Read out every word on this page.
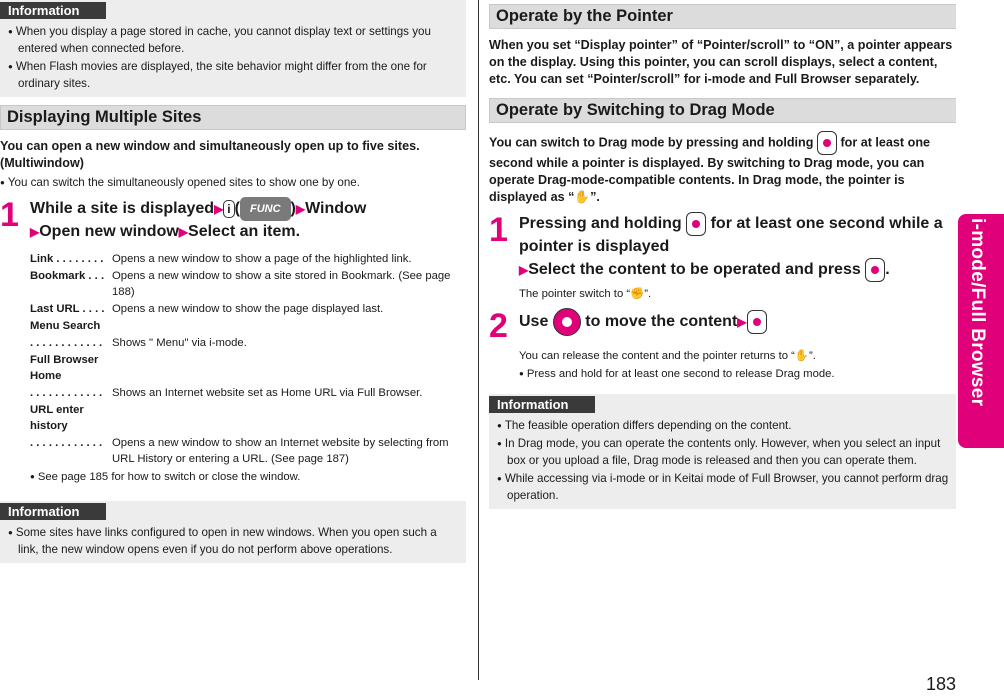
Information

● When you display a page stored in cache, you cannot display text or settings you entered when connected before.

● When Flash movies are displayed, the site behavior might differ from the one for ordinary sites.

Displaying Multiple Sites

You can open a new window and simultaneously open up to five sites. (Multiwindow)

● You can switch the simultaneously opened sites to show one by one.

1 While a site is displayed▶ i ( FUNC )▶Window
▶Open new window▶Select an item.
Link . . . . . . . . Opens a new window to show a page of the highlighted link.
Bookmark . . . Opens a new window to show a site stored in Bookmark. (See page 188)
Last URL . . . . Opens a new window to show the page displayed last.
Menu Search
. . . . . . . . . . . . Shows " Menu" via i-mode.
Full Browser Home
. . . . . . . . . . . . Shows an Internet website set as Home URL via Full Browser.
URL enter history
. . . . . . . . . . . . Opens a new window to show an Internet website by selecting from URL History or entering a URL. (See page 187)

● See page 185 for how to switch or close the window.

Information

● Some sites have links configured to open in new windows. When you open such a link, the new window opens even if you do not perform above operations.

Operate by the Pointer

When you set “Display pointer” of “Pointer/scroll” to “ON”, a pointer appears on the display. Using this pointer, you can scroll displays, select a content, etc. You can set “Pointer/scroll” for i-mode and Full Browser separately.

Operate by Switching to Drag Mode

You can switch to Drag mode by pressing and holding for at least one second while a pointer is displayed. By switching to Drag mode, you can operate Drag-mode-compatible contents. In Drag mode, the pointer is displayed as “✋”.

1 Pressing and holding for at least one second while a pointer is displayed
▶Select the content to be operated and press .

The pointer switch to “✊”.

2 Use to move the content▶

You can release the content and the pointer returns to “✋”.

● Press and hold for at least one second to release Drag mode.

Information

● The feasible operation differs depending on the content.

● In Drag mode, you can operate the contents only. However, when you select an input box or you upload a file, Drag mode is released and then you can operate them.

● While accessing via i-mode or in Keitai mode of Full Browser, you cannot perform drag operation.

i-mode/Full Browser
183
